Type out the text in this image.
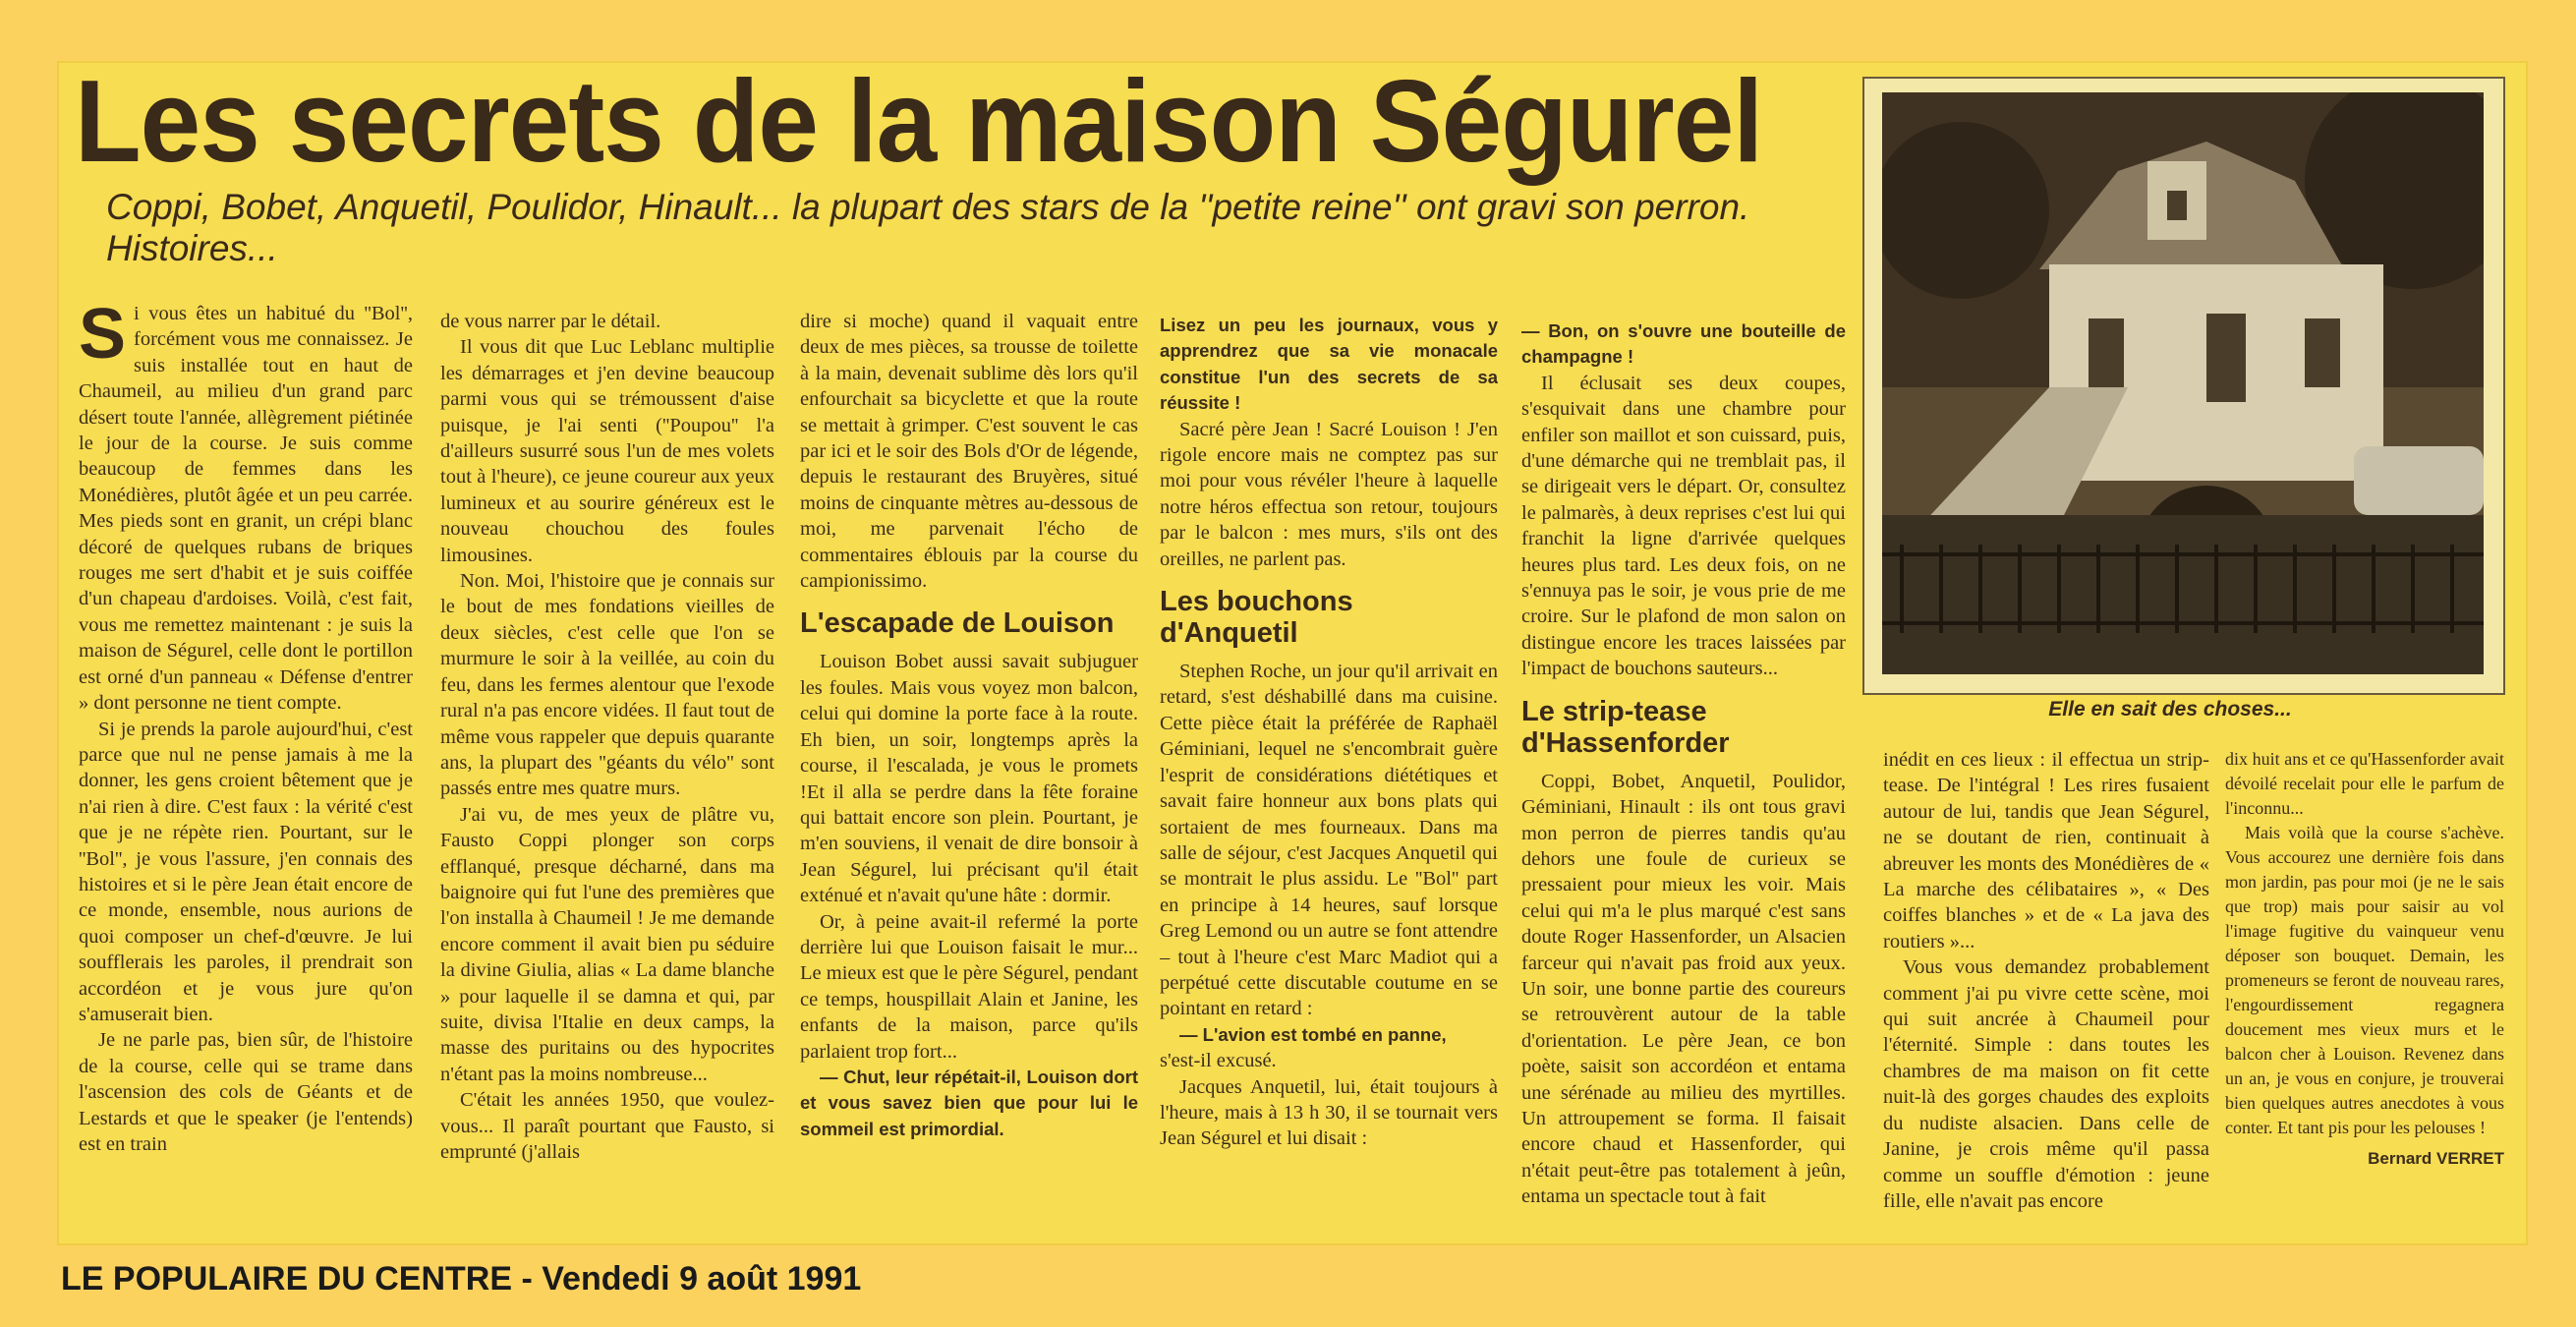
Les secrets de la maison Ségurel

Coppi, Bobet, Anquetil, Poulidor, Hinault... la plupart des stars de la ''petite reine'' ont gravi son perron. Histoires...

S i vous êtes un habitué du ''Bol'', forcément vous me connaissez. Je suis installée tout en haut de Chaumeil, au milieu d'un grand parc désert toute l'année, allègrement piétinée le jour de la course. Je suis comme beaucoup de femmes dans les Monédières, plutôt âgée et un peu carrée. Mes pieds sont en granit, un crépi blanc décoré de quelques rubans de briques rouges me sert d'habit et je suis coiffée d'un chapeau d'ardoises. Voilà, c'est fait, vous me remettez maintenant : je suis la maison de Ségurel, celle dont le portillon est orné d'un panneau « Défense d'entrer » dont personne ne tient compte.

Si je prends la parole aujourd'hui, c'est parce que nul ne pense jamais à me la donner, les gens croient bêtement que je n'ai rien à dire. C'est faux : la vérité c'est que je ne répète rien. Pourtant, sur le ''Bol'', je vous l'assure, j'en connais des histoires et si le père Jean était encore de ce monde, ensemble, nous aurions de quoi composer un chef-d'œuvre. Je lui soufflerais les paroles, il prendrait son accordéon et je vous jure qu'on s'amuserait bien.

Je ne parle pas, bien sûr, de l'histoire de la course, celle qui se trame dans l'ascension des cols de Géants et de Lestards et que le speaker (je l'entends) est en train

de vous narrer par le détail.

Il vous dit que Luc Leblanc multiplie les démarrages et j'en devine beaucoup parmi vous qui se trémoussent d'aise puisque, je l'ai senti (''Poupou'' l'a d'ailleurs susurré sous l'un de mes volets tout à l'heure), ce jeune coureur aux yeux lumineux et au sourire généreux est le nouveau chouchou des foules limousines.

Non. Moi, l'histoire que je connais sur le bout de mes fondations vieilles de deux siècles, c'est celle que l'on se murmure le soir à la veillée, au coin du feu, dans les fermes alentour que l'exode rural n'a pas encore vidées. Il faut tout de même vous rappeler que depuis quarante ans, la plupart des ''géants du vélo'' sont passés entre mes quatre murs.

J'ai vu, de mes yeux de plâtre vu, Fausto Coppi plonger son corps efflanqué, presque décharné, dans ma baignoire qui fut l'une des premières que l'on installa à Chaumeil ! Je me demande encore comment il avait bien pu séduire la divine Giulia, alias « La dame blanche » pour laquelle il se damna et qui, par suite, divisa l'Italie en deux camps, la masse des puritains ou des hypocrites n'étant pas la moins nombreuse...

C'était les années 1950, que voulez-vous... Il paraît pourtant que Fausto, si emprunté (j'allais

dire si moche) quand il vaquait entre deux de mes pièces, sa trousse de toilette à la main, devenait sublime dès lors qu'il enfourchait sa bicyclette et que la route se mettait à grimper. C'est souvent le cas par ici et le soir des Bols d'Or de légende, depuis le restaurant des Bruyères, situé moins de cinquante mètres au-dessous de moi, me parvenait l'écho de commentaires éblouis par la course du campionissimo.

L'escapade de Louison

Louison Bobet aussi savait subjuguer les foules. Mais vous voyez mon balcon, celui qui domine la porte face à la route. Eh bien, un soir, longtemps après la course, il l'escalada, je vous le promets !Et il alla se perdre dans la fête foraine qui battait encore son plein. Pourtant, je m'en souviens, il venait de dire bonsoir à Jean Ségurel, lui précisant qu'il était exténué et n'avait qu'une hâte : dormir.

Or, à peine avait-il refermé la porte derrière lui que Louison faisait le mur... Le mieux est que le père Ségurel, pendant ce temps, houspillait Alain et Janine, les enfants de la maison, parce qu'ils parlaient trop fort...

— Chut, leur répétait-il, Louison dort et vous savez bien que pour lui le sommeil est primordial.

Lisez un peu les journaux, vous y apprendrez que sa vie monacale constitue l'un des secrets de sa réussite !

Sacré père Jean ! Sacré Louison ! J'en rigole encore mais ne comptez pas sur moi pour vous révéler l'heure à laquelle notre héros effectua son retour, toujours par le balcon : mes murs, s'ils ont des oreilles, ne parlent pas.

Les bouchons d'Anquetil

Stephen Roche, un jour qu'il arrivait en retard, s'est déshabillé dans ma cuisine. Cette pièce était la préférée de Raphaël Géminiani, lequel ne s'encombrait guère l'esprit de considérations diététiques et savait faire honneur aux bons plats qui sortaient de mes fourneaux. Dans ma salle de séjour, c'est Jacques Anquetil qui se montrait le plus assidu. Le ''Bol'' part en principe à 14 heures, sauf lorsque Greg Lemond ou un autre se font attendre – tout à l'heure c'est Marc Madiot qui a perpétué cette discutable coutume en se pointant en retard :

— L'avion est tombé en panne,

s'est-il excusé.

Jacques Anquetil, lui, était toujours à l'heure, mais à 13 h 30, il se tournait vers Jean Ségurel et lui disait :

— Bon, on s'ouvre une bouteille de champagne !

Il éclusait ses deux coupes, s'esquivait dans une chambre pour enfiler son maillot et son cuissard, puis, d'une démarche qui ne tremblait pas, il se dirigeait vers le départ. Or, consultez le palmarès, à deux reprises c'est lui qui franchit la ligne d'arrivée quelques heures plus tard. Les deux fois, on ne s'ennuya pas le soir, je vous prie de me croire. Sur le plafond de mon salon on distingue encore les traces laissées par l'impact de bouchons sauteurs...

Le strip-tease d'Hassenforder

Coppi, Bobet, Anquetil, Poulidor, Géminiani, Hinault : ils ont tous gravi mon perron de pierres tandis qu'au dehors une foule de curieux se pressaient pour mieux les voir. Mais celui qui m'a le plus marqué c'est sans doute Roger Hassenforder, un Alsacien farceur qui n'avait pas froid aux yeux. Un soir, une bonne partie des coureurs se retrouvèrent autour de la table d'orientation. Le père Jean, ce bon poète, saisit son accordéon et entama une sérénade au milieu des myrtilles. Un attroupement se forma. Il faisait encore chaud et Hassenforder, qui n'était peut-être pas totalement à jeûn, entama un spectacle tout à fait

Elle en sait des choses...

inédit en ces lieux : il effectua un strip-tease. De l'intégral ! Les rires fusaient autour de lui, tandis que Jean Ségurel, ne se doutant de rien, continuait à abreuver les monts des Monédières de « La marche des célibataires », « Des coiffes blanches » et de « La java des routiers »...

Vous vous demandez probablement comment j'ai pu vivre cette scène, moi qui suit ancrée à Chaumeil pour l'éternité. Simple : dans toutes les chambres de ma maison on fit cette nuit-là des gorges chaudes des exploits du nudiste alsacien. Dans celle de Janine, je crois même qu'il passa comme un souffle d'émotion : jeune fille, elle n'avait pas encore

dix huit ans et ce qu'Hassenforder avait dévoilé recelait pour elle le parfum de l'inconnu...

Mais voilà que la course s'achève. Vous accourez une dernière fois dans mon jardin, pas pour moi (je ne le sais que trop) mais pour saisir au vol l'image fugitive du vainqueur venu déposer son bouquet. Demain, les promeneurs se feront de nouveau rares, l'engourdissement regagnera doucement mes vieux murs et le balcon cher à Louison. Revenez dans un an, je vous en conjure, je trouverai bien quelques autres anecdotes à vous conter. Et tant pis pour les pelouses !

Bernard VERRET

LE POPULAIRE DU CENTRE - Vendedi 9 août 1991
